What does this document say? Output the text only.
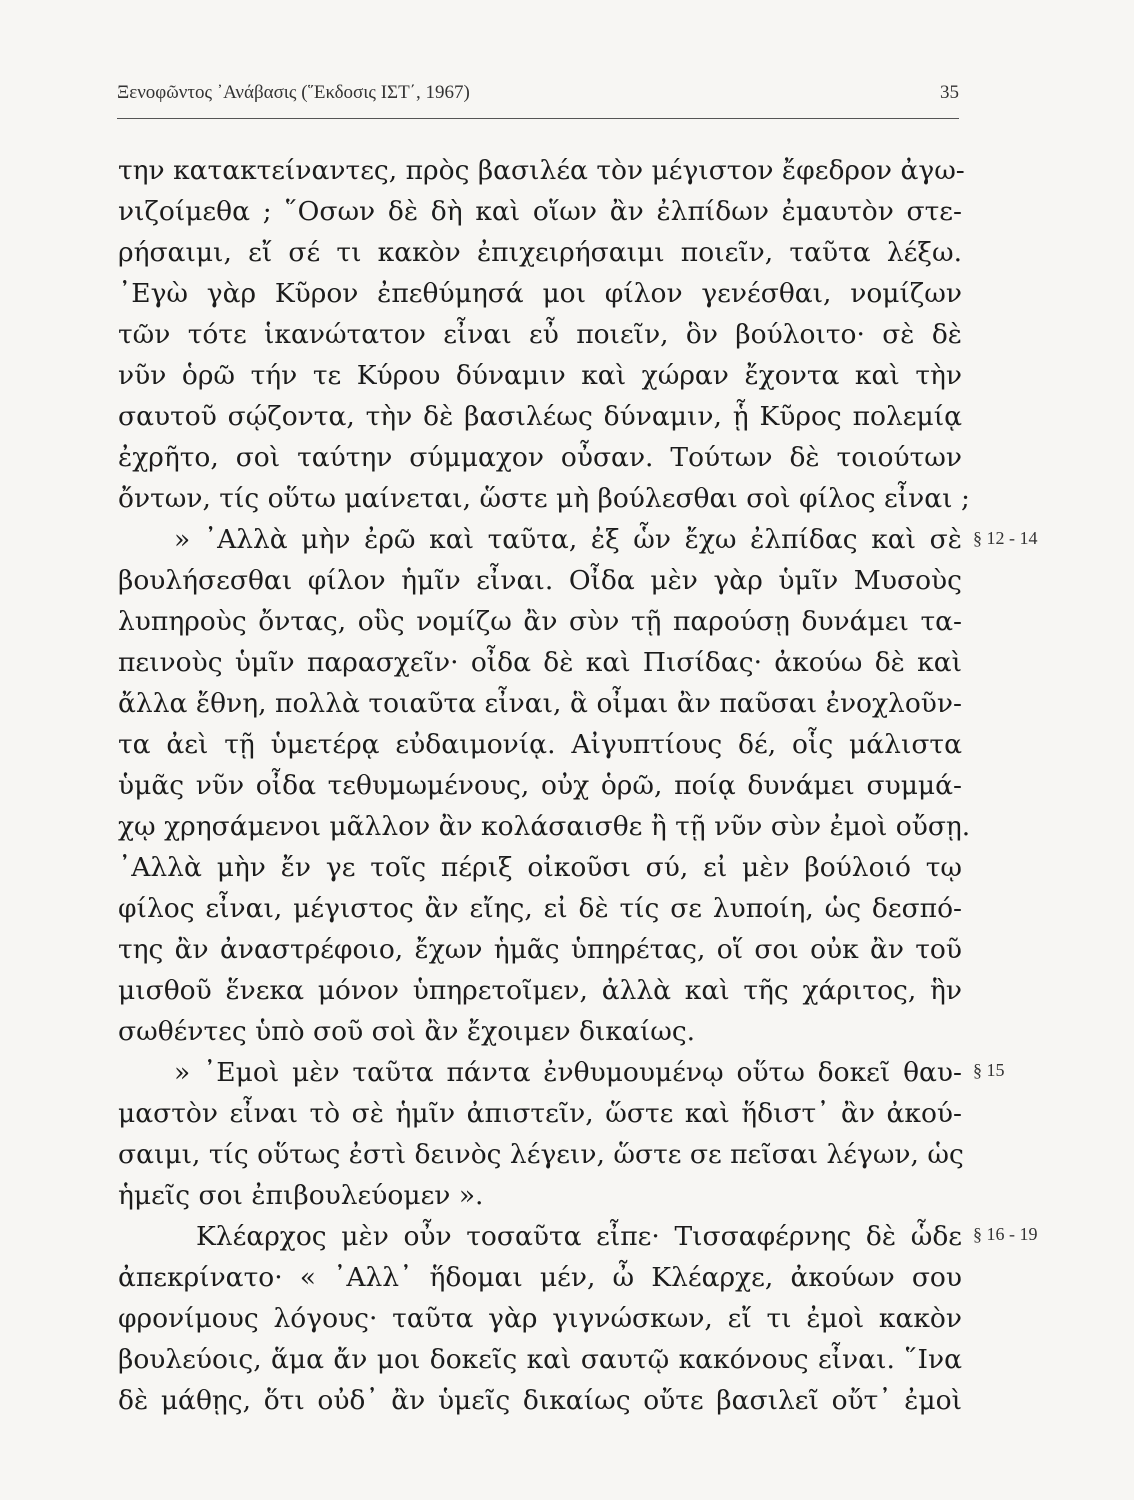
Ξενοφῶντος ᾿Ανάβασις (῞Εκδοσις ΙΣΤ΄, 1967)	35
την κατακτείναντες, πρὸς βασιλέα τὸν μέγιστον ἔφεδρον ἀγω-
νιζοίμεθα ; ῞Οσων δὲ δὴ καὶ οἵων ἂν ἐλπίδων ἐμαυτὸν στε-
ρήσαιμι, εἴ σέ τι κακὸν ἐπιχειρήσαιμι ποιεῖν, ταῦτα λέξω.
᾿Εγὼ γὰρ Κῦρον ἐπεθύμησά μοι φίλον γενέσθαι, νομίζων
τῶν τότε ἱκανώτατον εἶναι εὖ ποιεῖν, ὃν βούλοιτο· σὲ δὲ
νῦν ὁρῶ τήν τε Κύρου δύναμιν καὶ χώραν ἔχοντα καὶ τὴν
σαυτοῦ σῴζοντα, τὴν δὲ βασιλέως δύναμιν, ᾗ Κῦρος πολεμίᾳ
ἐχρῆτο, σοὶ ταύτην σύμμαχον οὖσαν. Τούτων δὲ τοιούτων
ὄντων, τίς οὕτω μαίνεται, ὥστε μὴ βούλεσθαι σοὶ φίλος εἶναι ;
» ᾿Αλλὰ μὴν ἐρῶ καὶ ταῦτα, ἐξ ὧν ἔχω ἐλπίδας καὶ σὲ
βουλήσεσθαι φίλον ἡμῖν εἶναι. Οἶδα μὲν γὰρ ὑμῖν Μυσοὺς
λυπηροὺς ὄντας, οὓς νομίζω ἂν σὺν τῇ παρούσῃ δυνάμει τα-
πεινοὺς ὑμῖν παρασχεῖν· οἶδα δὲ καὶ Πισίδας· ἀκούω δὲ καὶ
ἄλλα ἔθνη, πολλὰ τοιαῦτα εἶναι, ἃ οἶμαι ἂν παῦσαι ἐνοχλοῦν-
τα ἀεὶ τῇ ὑμετέρᾳ εὐδαιμονίᾳ. Αἰγυπτίους δέ, οἷς μάλιστα
ὑμᾶς νῦν οἶδα τεθυμωμένους, οὐχ ὁρῶ, ποίᾳ δυνάμει συμμά-
χῳ χρησάμενοι μᾶλλον ἂν κολάσαισθε ἢ τῇ νῦν σὺν ἐμοὶ οὔσῃ.
᾿Αλλὰ μὴν ἔν γε τοῖς πέριξ οἰκοῦσι σύ, εἰ μὲν βούλοιό τῳ
φίλος εἶναι, μέγιστος ἂν εἴης, εἰ δὲ τίς σε λυποίη, ὡς δεσπό-
της ἂν ἀναστρέφοιο, ἔχων ἡμᾶς ὑπηρέτας, οἵ σοι οὐκ ἂν τοῦ
μισθοῦ ἕνεκα μόνον ὑπηρετοῖμεν, ἀλλὰ καὶ τῆς χάριτος, ἣν
σωθέντες ὑπὸ σοῦ σοὶ ἂν ἔχοιμεν δικαίως.
» ᾿Εμοὶ μὲν ταῦτα πάντα ἐνθυμουμένῳ οὕτω δοκεῖ θαυ-
μαστὸν εἶναι τὸ σὲ ἡμῖν ἀπιστεῖν, ὥστε καὶ ἥδιστ᾿ ἂν ἀκού-
σαιμι, τίς οὕτως ἐστὶ δεινὸς λέγειν, ὥστε σε πεῖσαι λέγων, ὡς
ἡμεῖς σοι ἐπιβουλεύομεν ».
Κλέαρχος μὲν οὖν τοσαῦτα εἶπε· Τισσαφέρνης δὲ ὧδε
ἀπεκρίνατο· « ᾿Αλλ᾿ ἥδομαι μέν, ὦ Κλέαρχε, ἀκούων σου
φρονίμους λόγους· ταῦτα γὰρ γιγνώσκων, εἴ τι ἐμοὶ κακὸν
βουλεύοις, ἅμα ἄν μοι δοκεῖς καὶ σαυτῷ κακόνους εἶναι. ῞Ινα
δὲ μάθῃς, ὅτι οὐδ᾿ ἂν ὑμεῖς δικαίως οὔτε βασιλεῖ οὔτ᾿ ἐμοὶ
§ 12 - 14
§ 15
§ 16 - 19
